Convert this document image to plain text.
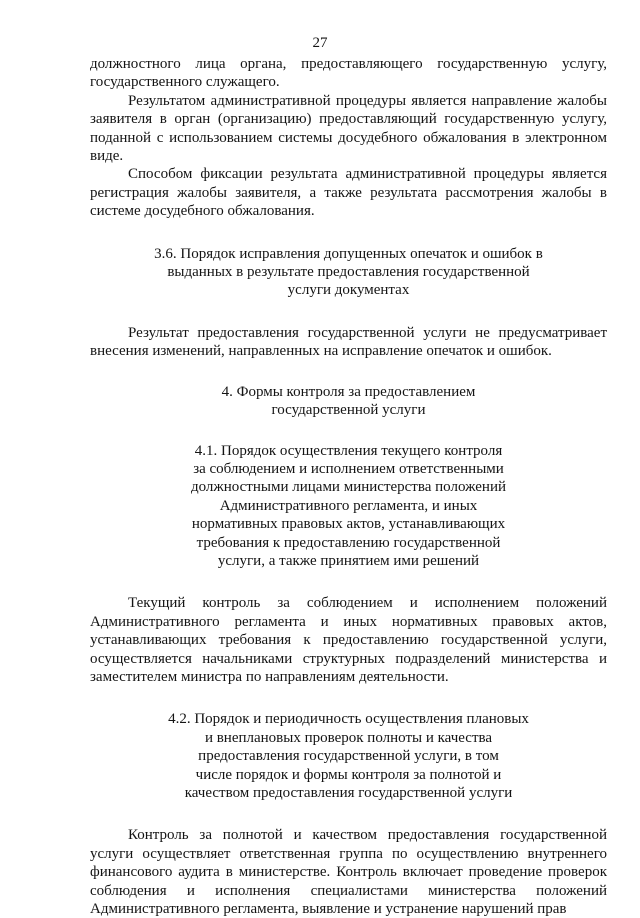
27

должностного лица органа, предоставляющего государственную услугу, государственного служащего.

Результатом административной процедуры является направление жалобы заявителя в орган (организацию) предоставляющий государственную услугу, поданной с использованием системы досудебного обжалования в электронном виде.

Способом фиксации результата административной процедуры является регистрация жалобы заявителя, а также результата рассмотрения жалобы в системе досудебного обжалования.

3.6. Порядок исправления допущенных опечаток и ошибок в
выданных в результате предоставления государственной
услуги документах

Результат предоставления государственной услуги не предусматривает внесения изменений, направленных на исправление опечаток и ошибок.

4. Формы контроля за предоставлением
государственной услуги
4.1. Порядок осуществления текущего контроля
за соблюдением и исполнением ответственными
должностными лицами министерства положений
Административного регламента, и иных
нормативных правовых актов, устанавливающих
требования к предоставлению государственной
услуги, а также принятием ими решений

Текущий контроль за соблюдением и исполнением положений Административного регламента и иных нормативных правовых актов, устанавливающих требования к предоставлению государственной услуги, осуществляется начальниками структурных подразделений министерства и заместителем министра по направлениям деятельности.

4.2. Порядок и периодичность осуществления плановых
и внеплановых проверок полноты и качества
предоставления государственной услуги, в том
числе порядок и формы контроля за полнотой и
качеством предоставления государственной услуги

Контроль за полнотой и качеством предоставления государственной услуги осуществляет ответственная группа по осуществлению внутреннего финансового аудита в министерстве. Контроль включает проведение проверок соблюдения и исполнения специалистами министерства положений Административного регламента, выявление и устранение нарушений прав
